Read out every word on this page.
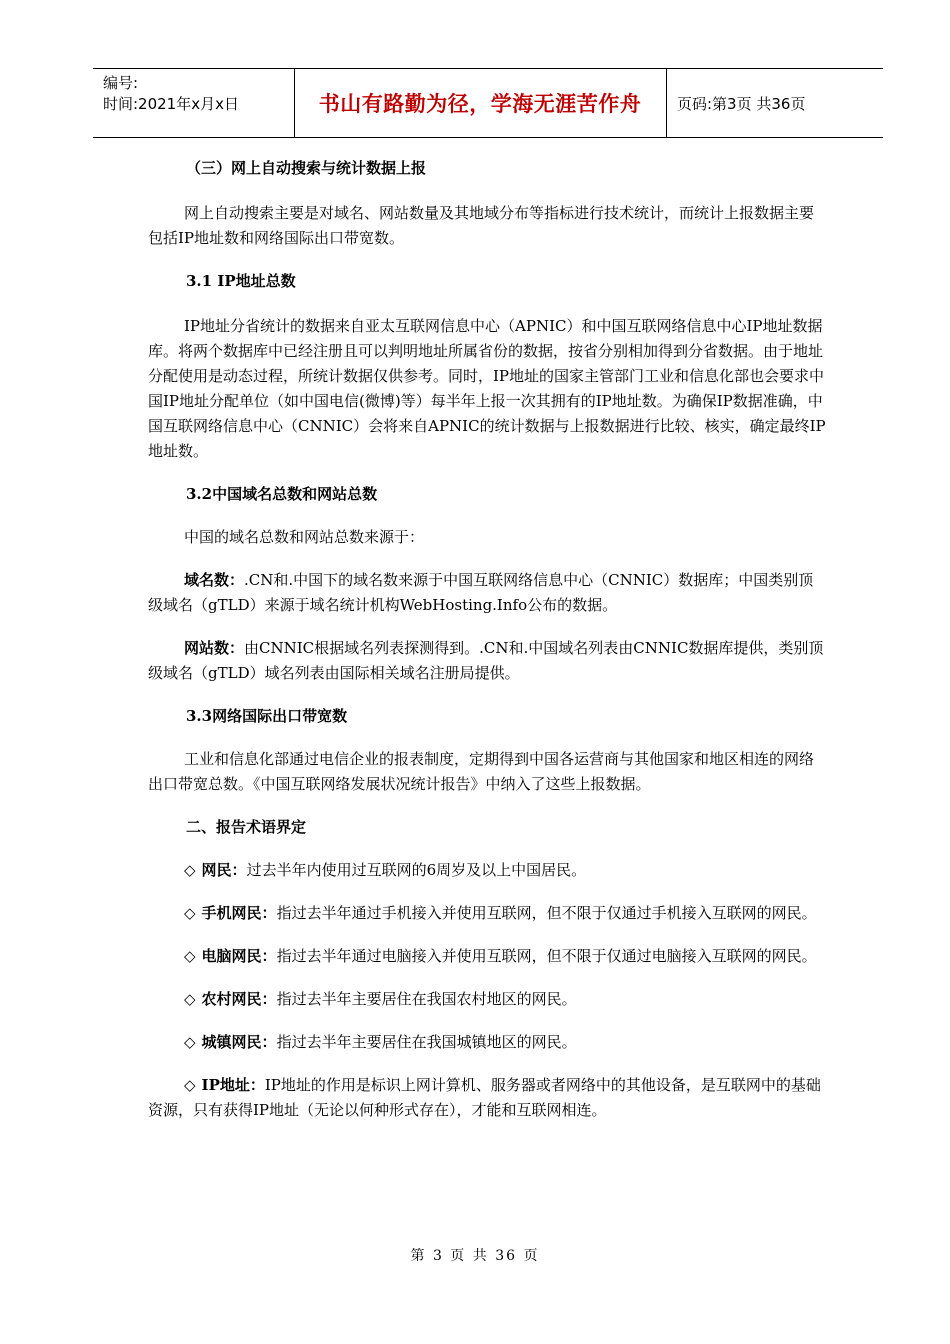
编号:
时间:2021年x月x日	书山有路勤为径，学海无涯苦作舟 页码:第3页 共36页

（三）网上自动搜索与统计数据上报

网上自动搜索主要是对域名、网站数量及其地域分布等指标进行技术统计，而统计上报数据主要包括IP地址数和网络国际出口带宽数。

3.1 IP地址总数

IP地址分省统计的数据来自亚太互联网信息中心（APNIC）和中国互联网络信息中心IP地址数据库。将两个数据库中已经注册且可以判明地址所属省份的数据，按省分别相加得到分省数据。由于地址分配使用是动态过程，所统计数据仅供参考。同时，IP地址的国家主管部门工业和信息化部也会要求中国IP地址分配单位（如中国电信(微博)等）每半年上报一次其拥有的IP地址数。为确保IP数据准确，中国互联网络信息中心（CNNIC）会将来自APNIC的统计数据与上报数据进行比较、核实，确定最终IP地址数。

3.2中国域名总数和网站总数

中国的域名总数和网站总数来源于：

域名数：.CN和.中国下的域名数来源于中国互联网络信息中心（CNNIC）数据库；中国类别顶级域名（gTLD）来源于域名统计机构WebHosting.Info公布的数据。

网站数：由CNNIC根据域名列表探测得到。.CN和.中国域名列表由CNNIC数据库提供，类别顶级域名（gTLD）域名列表由国际相关域名注册局提供。

3.3网络国际出口带宽数

工业和信息化部通过电信企业的报表制度，定期得到中国各运营商与其他国家和地区相连的网络出口带宽总数。《中国互联网络发展状况统计报告》中纳入了这些上报数据。

二、报告术语界定

◇ 网民：过去半年内使用过互联网的6周岁及以上中国居民。

◇ 手机网民：指过去半年通过手机接入并使用互联网，但不限于仅通过手机接入互联网的网民。

◇ 电脑网民：指过去半年通过电脑接入并使用互联网，但不限于仅通过电脑接入互联网的网民。

◇ 农村网民：指过去半年主要居住在我国农村地区的网民。

◇ 城镇网民：指过去半年主要居住在我国城镇地区的网民。

◇ IP地址：IP地址的作用是标识上网计算机、服务器或者网络中的其他设备，是互联网中的基础资源，只有获得IP地址（无论以何种形式存在），才能和互联网相连。

第 3 页 共 36 页
